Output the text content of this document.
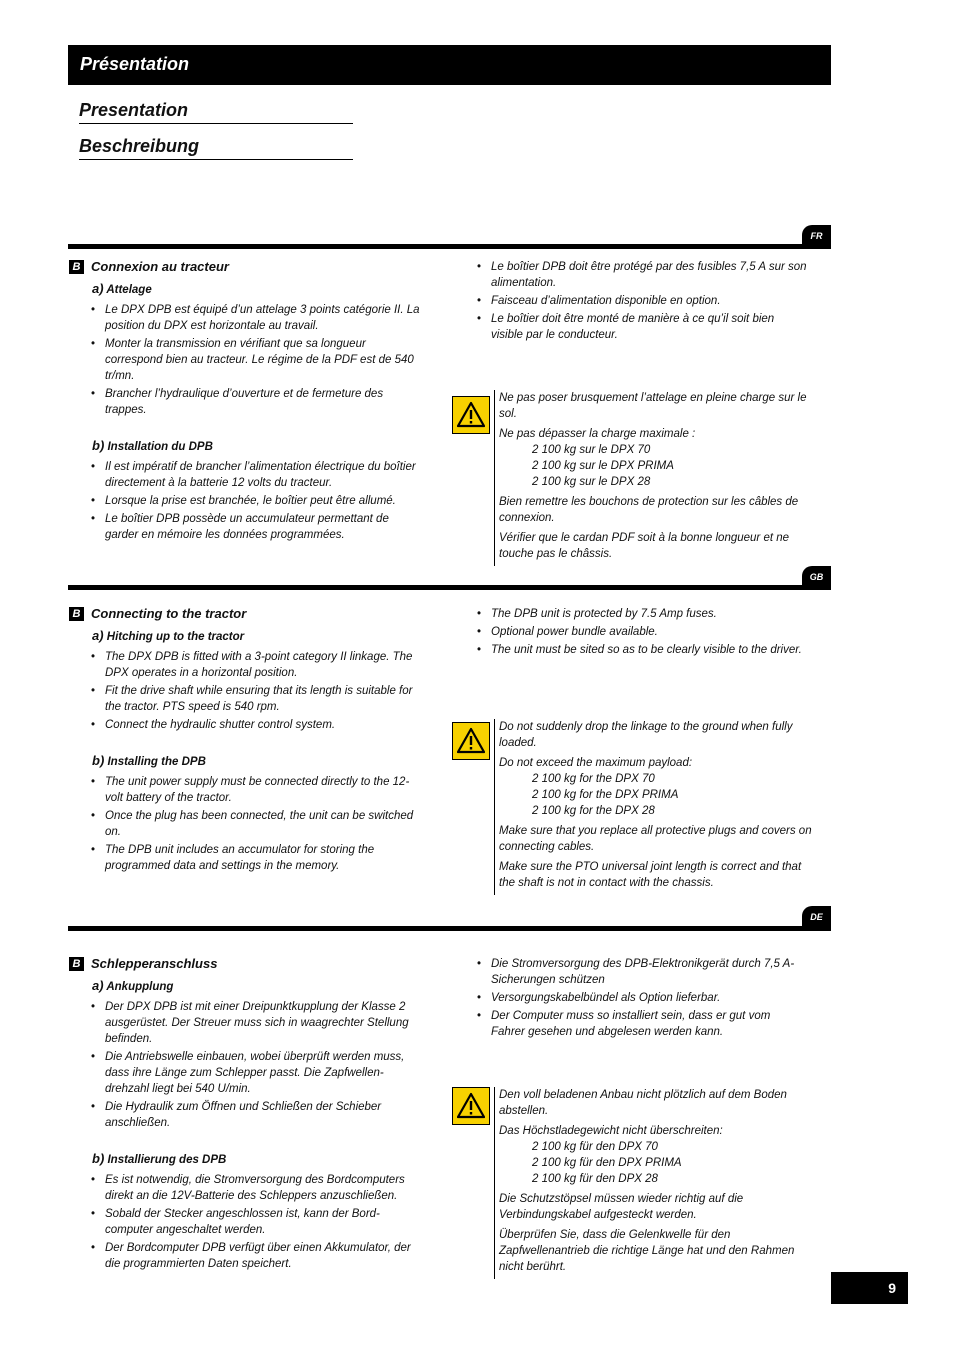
Présentation
Presentation
Beschreibung
FR
B Connexion au tracteur
a) Attelage
• Le DPX DPB est équipé d’un attelage 3 points catégorie II. La position du DPX est horizontale au travail.
• Monter la transmission en vérifiant que sa longueur correspond bien au tracteur. Le régime de la PDF est de 540 tr/mn.
• Brancher l’hydraulique d’ouverture et de fermeture des trappes.
b) Installation du DPB
• Il est impératif de brancher l’alimentation électrique du boîtier directement à la batterie 12 volts du tracteur.
• Lorsque la prise est branchée, le boîtier peut être allumé.
• Le boîtier DPB possède un accumulateur permettant de garder en mémoire les données programmées.
• Le boîtier DPB doit être protégé par des fusibles 7,5 A sur son alimentation.
• Faisceau d’alimentation disponible en option.
• Le boîtier doit être monté de manière à ce qu’il soit bien visible par le conducteur.

Ne pas poser brusquement l’attelage en pleine charge sur le sol.

Ne pas dépasser la charge maximale :
2 100 kg sur le DPX 70
2 100 kg sur le DPX PRIMA
2 100 kg sur le DPX 28

Bien remettre les bouchons de protection sur les câbles de connexion.

Vérifier que le cardan PDF soit à la bonne longueur et ne touche pas le châssis.

GB
B Connecting to the tractor
a) Hitching up to the tractor
• The DPX DPB is fitted with a 3-point category II linkage. The DPX operates in a horizontal position.
• Fit the drive shaft while ensuring that its length is suitable for the tractor. PTS speed is 540 rpm.
• Connect the hydraulic shutter control system.
b) Installing the DPB
• The unit power supply must be connected directly to the 12-volt battery of the tractor.
• Once the plug has been connected, the unit can be switched on.
• The DPB unit includes an accumulator for storing the programmed data and settings in the memory.
• The DPB unit is protected by 7.5 Amp fuses.
• Optional power bundle available.
• The unit must be sited so as to be clearly visible to the driver.

Do not suddenly drop the linkage to the ground when fully loaded.

Do not exceed the maximum payload:
2 100 kg for the DPX 70
2 100 kg for the DPX PRIMA
2 100 kg for the DPX 28

Make sure that you replace all protective plugs and covers on connecting cables.

Make sure the PTO universal joint length is correct and that the shaft is not in contact with the chassis.

DE
B Schlepperanschluss
a) Ankupplung
• Der DPX DPB ist mit einer Dreipunktkupplung der Klasse 2 ausgerüstet. Der Streuer muss sich in waagrechter Stellung befinden.
• Die Antriebswelle einbauen, wobei überprüft werden muss, dass ihre Länge zum Schlepper passt. Die Zapfwellen-drehzahl liegt bei 540 U/min.
• Die Hydraulik zum Öffnen und Schließen der Schieber anschließen.
b) Installierung des DPB
• Es ist notwendig, die Stromversorgung des Bordcomputers direkt an die 12V-Batterie des Schleppers anzuschließen.
• Sobald der Stecker angeschlossen ist, kann der Bord-computer angeschaltet werden.
• Der Bordcomputer DPB verfügt über einen Akkumulator, der die programmierten Daten speichert.
• Die Stromversorgung des DPB-Elektronikgerät durch 7,5 A-Sicherungen schützen
• Versorgungskabelbündel als Option lieferbar.
• Der Computer muss so installiert sein, dass er gut vom Fahrer gesehen und abgelesen werden kann.

Den voll beladenen Anbau nicht plötzlich auf dem Boden abstellen.

Das Höchstladegewicht nicht überschreiten:
2 100 kg für den DPX 70
2 100 kg für den DPX PRIMA
2 100 kg für den DPX 28

Die Schutzstöpsel müssen wieder richtig auf die Verbindungskabel aufgesteckt werden.

Überprüfen Sie, dass die Gelenkwelle für den Zapfwellenantrieb die richtige Länge hat und den Rahmen nicht berührt.

9
